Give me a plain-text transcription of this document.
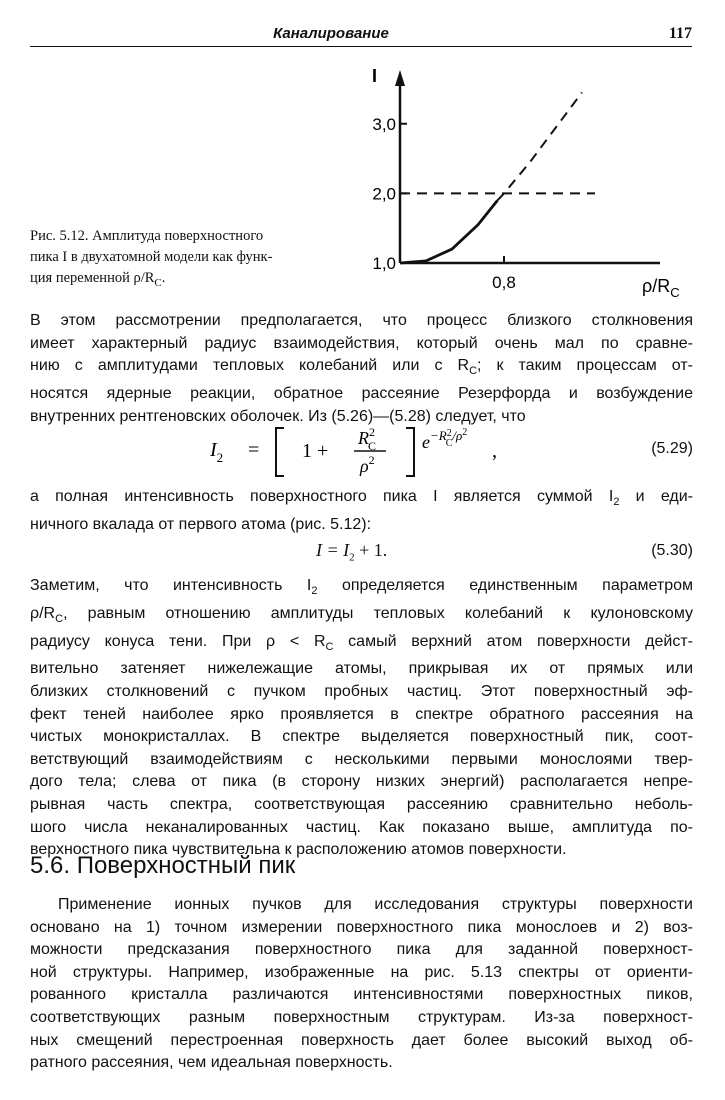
Каналирование	117
I
$\rho/R_C$
1,0
2,0
3,0
0,8
Рис. 5.12. Амплитуда поверхностного
пика I в двухатомной модели как функ-
ция переменной $\rho/R_C$.
В этом рассмотрении предполагается, что процесс близкого столкновения
имеет характерный радиус взаимодействия, который очень мал по сравне-
нию с амплитудами тепловых колебаний или с $R_C$; к таким процессам от-
носятся ядерные реакции, обратное рассеяние Резерфорда и возбуждение
внутренних рентгеновских оболочек. Из (5.26)—(5.28) следует, что
$I_2 = 1$ +
$R^2$ C
$\rho^2$
$e^{-R2}$ $C^{/\rho 2}$
,	(5.29)
а полная интенсивность поверхностного пика I является суммой $I_2$ и еди-
ничного вкалада от первого атома (рис. 5.12):
$I = I_2 + 1$.	(5.30)
Заметим, что интенсивность $I_2$ определяется единственным параметром
$\rho/R_C$, равным отношению амплитуды тепловых колебаний к кулоновскому
радиусу конуса тени. При $\rho < R_C$ самый верхний атом поверхности дейст-
вительно затеняет нижележащие атомы, прикрывая их от прямых или
близких столкновений с пучком пробных частиц. Этот поверхностный эф-
фект теней наиболее ярко проявляется в спектре обратного рассеяния на
чистых монокристаллах. В спектре выделяется поверхностный пик, соот-
ветствующий взаимодействиям с несколькими первыми монослоями твер-
дого тела; слева от пика (в сторону низких энергий) располагается непре-
рывная часть спектра, соответствующая рассеянию сравнительно неболь-
шого числа неканалированных частиц. Как показано выше, амплитуда по-
верхностного пика чувствительна к расположению атомов поверхности.
5.6. Поверхностный пик
Применение ионных пучков для исследования структуры поверхности
основано на 1) точном измерении поверхностного пика монослоев и 2) воз-
можности предсказания поверхностного пика для заданной поверхност-
ной структуры. Например, изображенные на рис. 5.13 спектры от ориенти-
рованного кристалла различаются интенсивностями поверхностных пиков,
соответствующих разным поверхностным структурам. Из-за поверхност-
ных смещений перестроенная поверхность дает более высокий выход об-
ратного рассеяния, чем идеальная поверхность.
